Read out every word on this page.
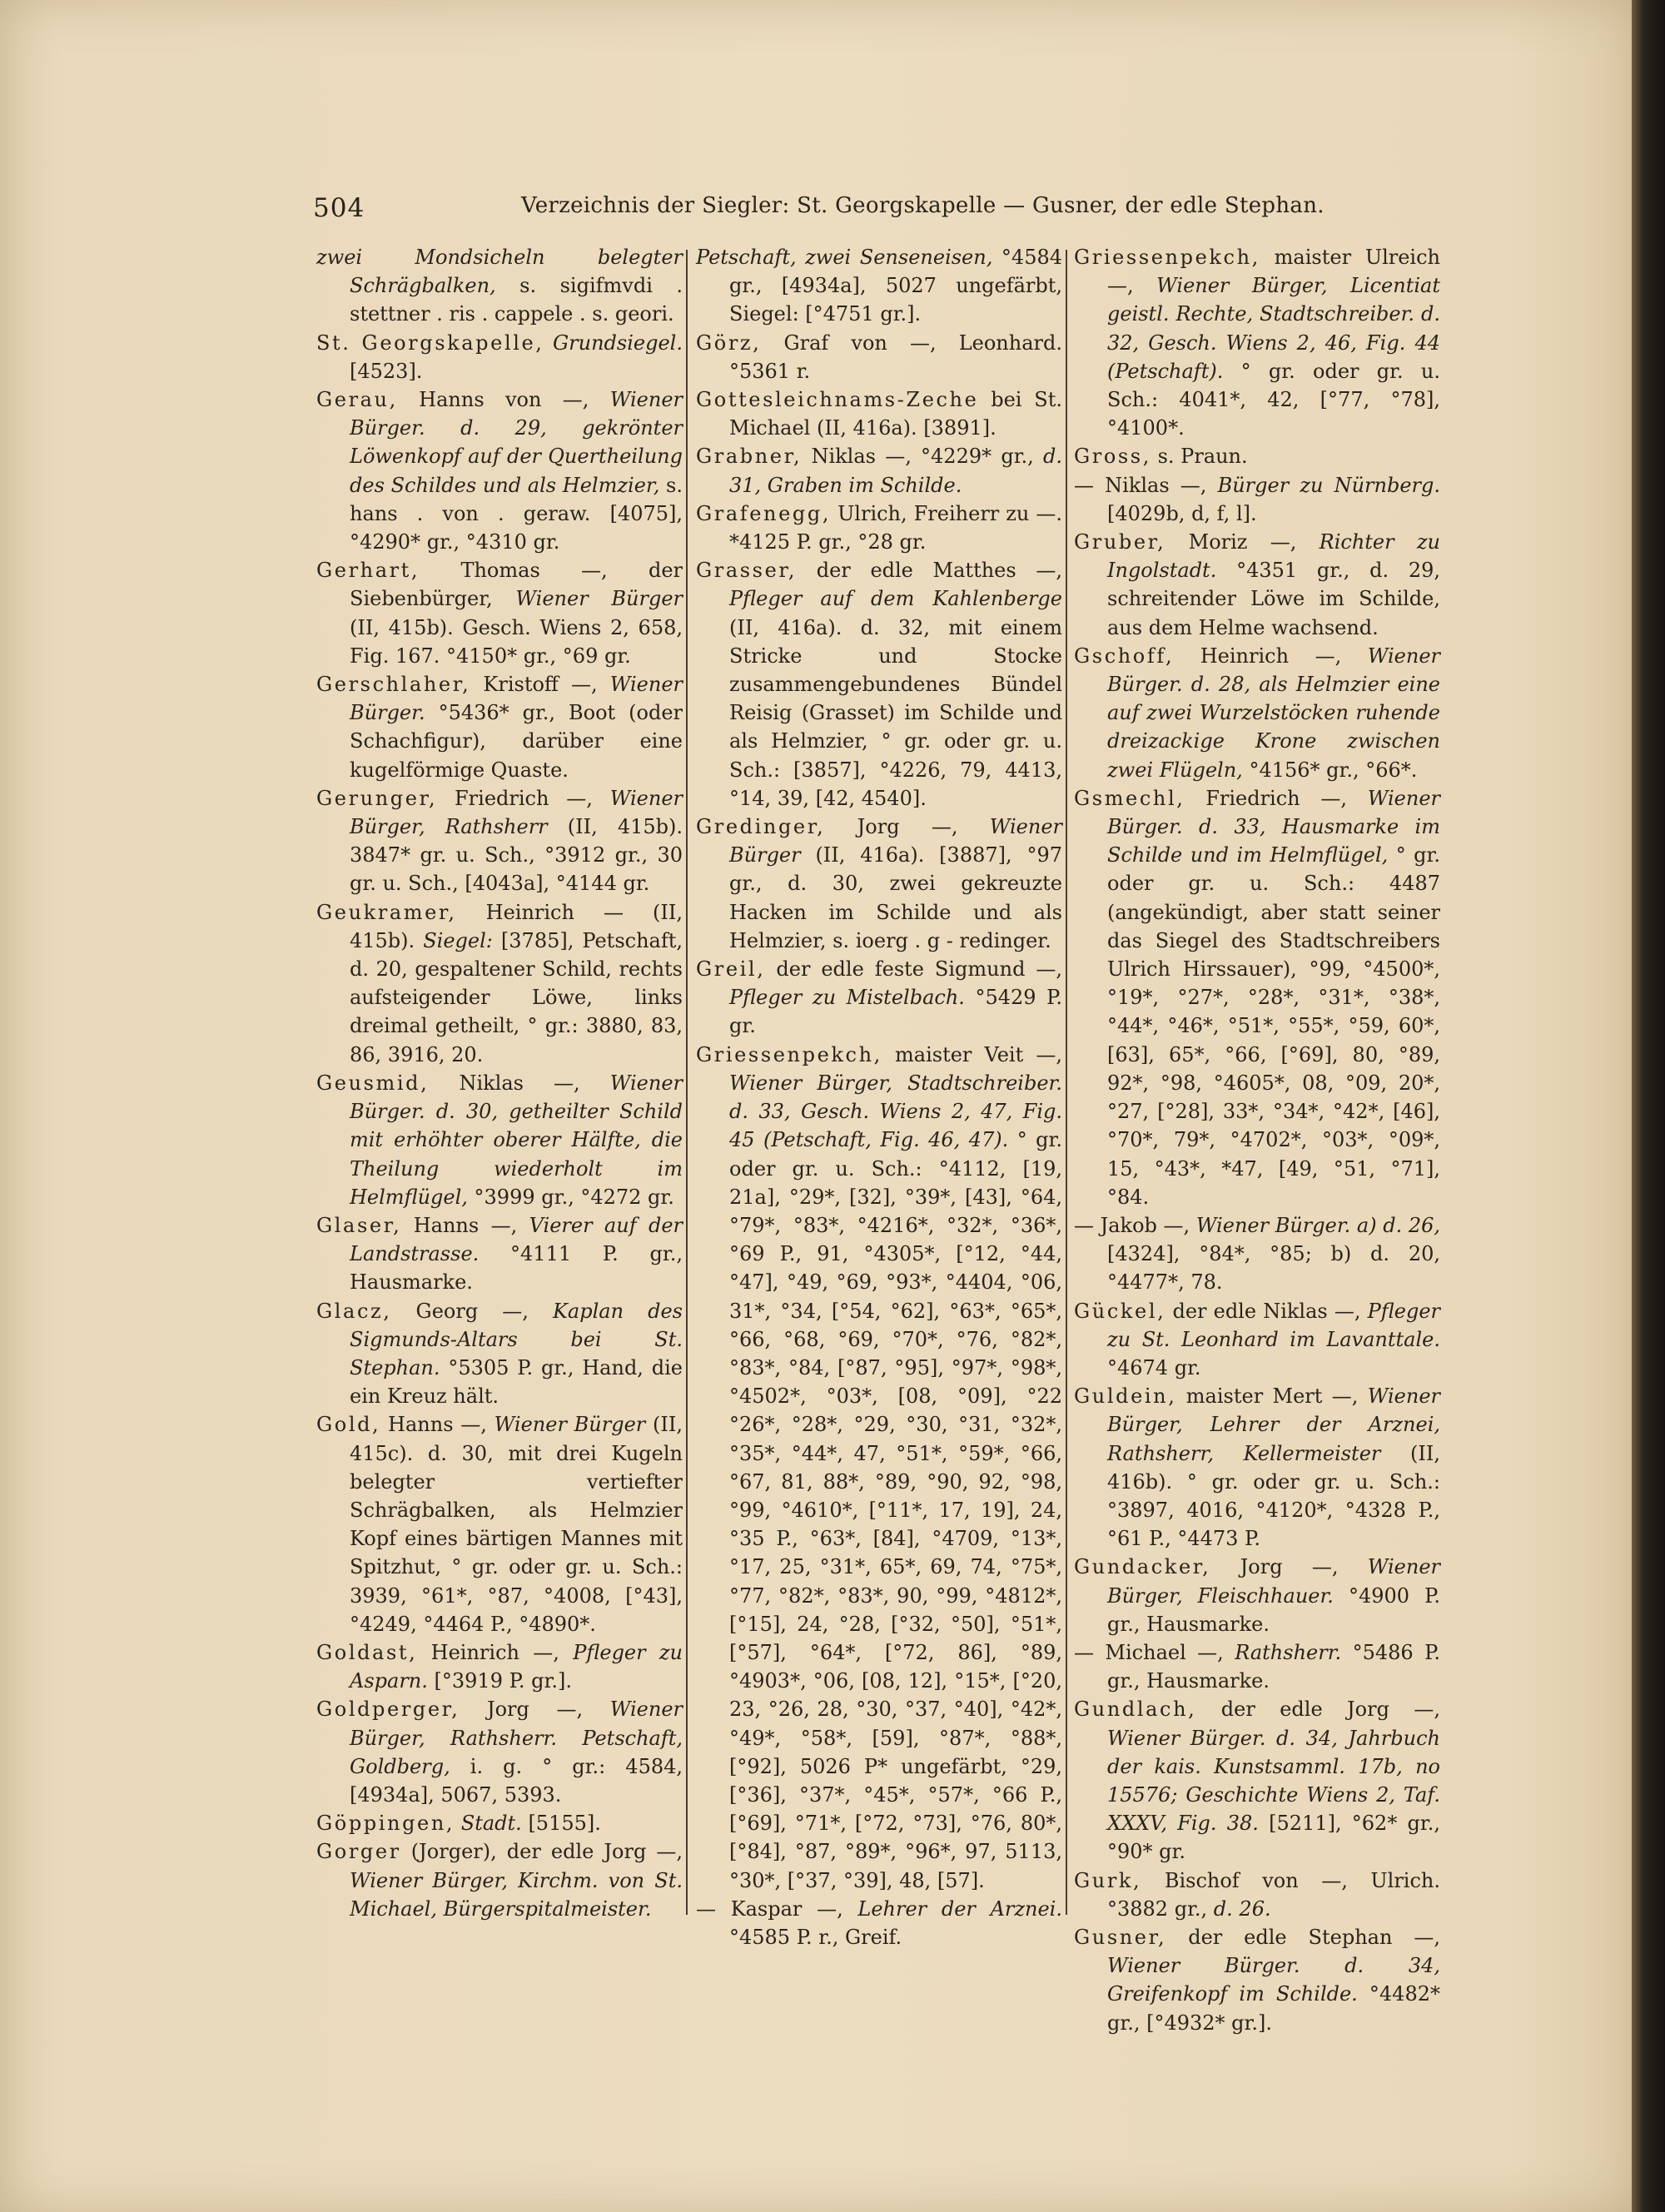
504	Verzeichnis der Siegler: St. Georgskapelle — Gusner, der edle Stephan.
zwei Mondsicheln belegter Schrägbalken, s. sigifmvdi . stettner . ris . cappele . s. geori.
St. Georgskapelle, Grundsiegel. [4523].
Gerau, Hanns von —, Wiener Bürger. d. 29, gekrönter Löwenkopf auf der Quertheilung des Schildes und als Helmzier, s. hans . von . geraw. [4075], °4290* gr., °4310 gr.
Gerhart, Thomas —, der Siebenbürger, Wiener Bürger (II, 415b). Gesch. Wiens 2, 658, Fig. 167. °4150* gr., °69 gr.
Gerschlaher, Kristoff —, Wiener Bürger. °5436* gr., Boot (oder Schachfigur), darüber eine kugelförmige Quaste.
Gerunger, Friedrich —, Wiener Bürger, Rathsherr (II, 415b). 3847* gr. u. Sch., °3912 gr., 30 gr. u. Sch., [4043a], °4144 gr.
Geukramer, Heinrich — (II, 415b). Siegel: [3785], Petschaft, d. 20, gespaltener Schild, rechts aufsteigender Löwe, links dreimal getheilt, ° gr.: 3880, 83, 86, 3916, 20.
Geusmid, Niklas —, Wiener Bürger. d. 30, getheilter Schild mit erhöhter oberer Hälfte, die Theilung wiederholt im Helmflügel, °3999 gr., °4272 gr.
Glaser, Hanns —, Vierer auf der Landstrasse. °4111 P. gr., Hausmarke.
Glacz, Georg —, Kaplan des Sigmunds-Altars bei St. Stephan. °5305 P. gr., Hand, die ein Kreuz hält.
Gold, Hanns —, Wiener Bürger (II, 415c). d. 30, mit drei Kugeln belegter vertiefter Schrägbalken, als Helmzier Kopf eines bärtigen Mannes mit Spitzhut, ° gr. oder gr. u. Sch.: 3939, °61*, °87, °4008, [°43], °4249, °4464 P., °4890*.
Goldast, Heinrich —, Pfleger zu Asparn. [°3919 P. gr.].
Goldperger, Jorg —, Wiener Bürger, Rathsherr. Petschaft, Goldberg, i. g. ° gr.: 4584, [4934a], 5067, 5393.
Göppingen, Stadt. [5155].
Gorger (Jorger), der edle Jorg —, Wiener Bürger, Kirchm. von St. Michael, Bürgerspitalmeister.
Petschaft, zwei Senseneisen, °4584 gr., [4934a], 5027 ungefärbt, Siegel: [°4751 gr.].
Görz, Graf von —, Leonhard. °5361 r.
Gottesleichnams-Zeche bei St. Michael (II, 416a). [3891].
Grabner, Niklas —, °4229* gr., d. 31, Graben im Schilde.
Grafenegg, Ulrich, Freiherr zu —. *4125 P. gr., °28 gr.
Grasser, der edle Matthes —, Pfleger auf dem Kahlenberge (II, 416a). d. 32, mit einem Stricke und Stocke zusammengebundenes Bündel Reisig (Grasset) im Schilde und als Helmzier, ° gr. oder gr. u. Sch.: [3857], °4226, 79, 4413, °14, 39, [42, 4540].
Gredinger, Jorg —, Wiener Bürger (II, 416a). [3887], °97 gr., d. 30, zwei gekreuzte Hacken im Schilde und als Helmzier, s. ioerg . g - redinger.
Greil, der edle feste Sigmund —, Pfleger zu Mistelbach. °5429 P. gr.
Griessenpekch, maister Veit —, Wiener Bürger, Stadtschreiber. d. 33, Gesch. Wiens 2, 47, Fig. 45 (Petschaft, Fig. 46, 47). ° gr. oder gr. u. Sch.: °4112, [19, 21a], °29*, [32], °39*, [43], °64, °79*, °83*, °4216*, °32*, °36*, °69 P., 91, °4305*, [°12, °44, °47], °49, °69, °93*, °4404, °06, 31*, °34, [°54, °62], °63*, °65*, °66, °68, °69, °70*, °76, °82*, °83*, °84, [°87, °95], °97*, °98*, °4502*, °03*, [08, °09], °22 °26*, °28*, °29, °30, °31, °32*, °35*, °44*, 47, °51*, °59*, °66, °67, 81, 88*, °89, °90, 92, °98, °99, °4610*, [°11*, 17, 19], 24, °35 P., °63*, [84], °4709, °13*, °17, 25, °31*, 65*, 69, 74, °75*, °77, °82*, °83*, 90, °99, °4812*, [°15], 24, °28, [°32, °50], °51*, [°57], °64*, [°72, 86], °89, °4903*, °06, [08, 12], °15*, [°20, 23, °26, 28, °30, °37, °40], °42*, °49*, °58*, [59], °87*, °88*, [°92], 5026 P* ungefärbt, °29, [°36], °37*, °45*, °57*, °66 P., [°69], °71*, [°72, °73], °76, 80*, [°84], °87, °89*, °96*, 97, 5113, °30*, [°37, °39], 48, [57].
— Kaspar —, Lehrer der Arznei. °4585 P. r., Greif.
Griessenpekch, maister Ulreich —, Wiener Bürger, Licentiat geistl. Rechte, Stadtschreiber. d. 32, Gesch. Wiens 2, 46, Fig. 44 (Petschaft). ° gr. oder gr. u. Sch.: 4041*, 42, [°77, °78], °4100*.
Gross, s. Praun.
— Niklas —, Bürger zu Nürnberg. [4029b, d, f, l].
Gruber, Moriz —, Richter zu Ingolstadt. °4351 gr., d. 29, schreitender Löwe im Schilde, aus dem Helme wachsend.
Gschoff, Heinrich —, Wiener Bürger. d. 28, als Helmzier eine auf zwei Wurzelstöcken ruhende dreizackige Krone zwischen zwei Flügeln, °4156* gr., °66*.
Gsmechl, Friedrich —, Wiener Bürger. d. 33, Hausmarke im Schilde und im Helmflügel, ° gr. oder gr. u. Sch.: 4487 (angekündigt, aber statt seiner das Siegel des Stadtschreibers Ulrich Hirssauer), °99, °4500*, °19*, °27*, °28*, °31*, °38*, °44*, °46*, °51*, °55*, °59, 60*, [63], 65*, °66, [°69], 80, °89, 92*, °98, °4605*, 08, °09, 20*, °27, [°28], 33*, °34*, °42*, [46], °70*, 79*, °4702*, °03*, °09*, 15, °43*, *47, [49, °51, °71], °84.
— Jakob —, Wiener Bürger. a) d. 26, [4324], °84*, °85; b) d. 20, °4477*, 78.
Gückel, der edle Niklas —, Pfleger zu St. Leonhard im Lavanttale. °4674 gr.
Guldein, maister Mert —, Wiener Bürger, Lehrer der Arznei, Rathsherr, Kellermeister (II, 416b). ° gr. oder gr. u. Sch.: °3897, 4016, °4120*, °4328 P., °61 P., °4473 P.
Gundacker, Jorg —, Wiener Bürger, Fleischhauer. °4900 P. gr., Hausmarke.
— Michael —, Rathsherr. °5486 P. gr., Hausmarke.
Gundlach, der edle Jorg —, Wiener Bürger. d. 34, Jahrbuch der kais. Kunstsamml. 17b, no 15576; Geschichte Wiens 2, Taf. XXXV, Fig. 38. [5211], °62* gr., °90* gr.
Gurk, Bischof von —, Ulrich. °3882 gr., d. 26.
Gusner, der edle Stephan —, Wiener Bürger. d. 34, Greifenkopf im Schilde. °4482* gr., [°4932* gr.].
